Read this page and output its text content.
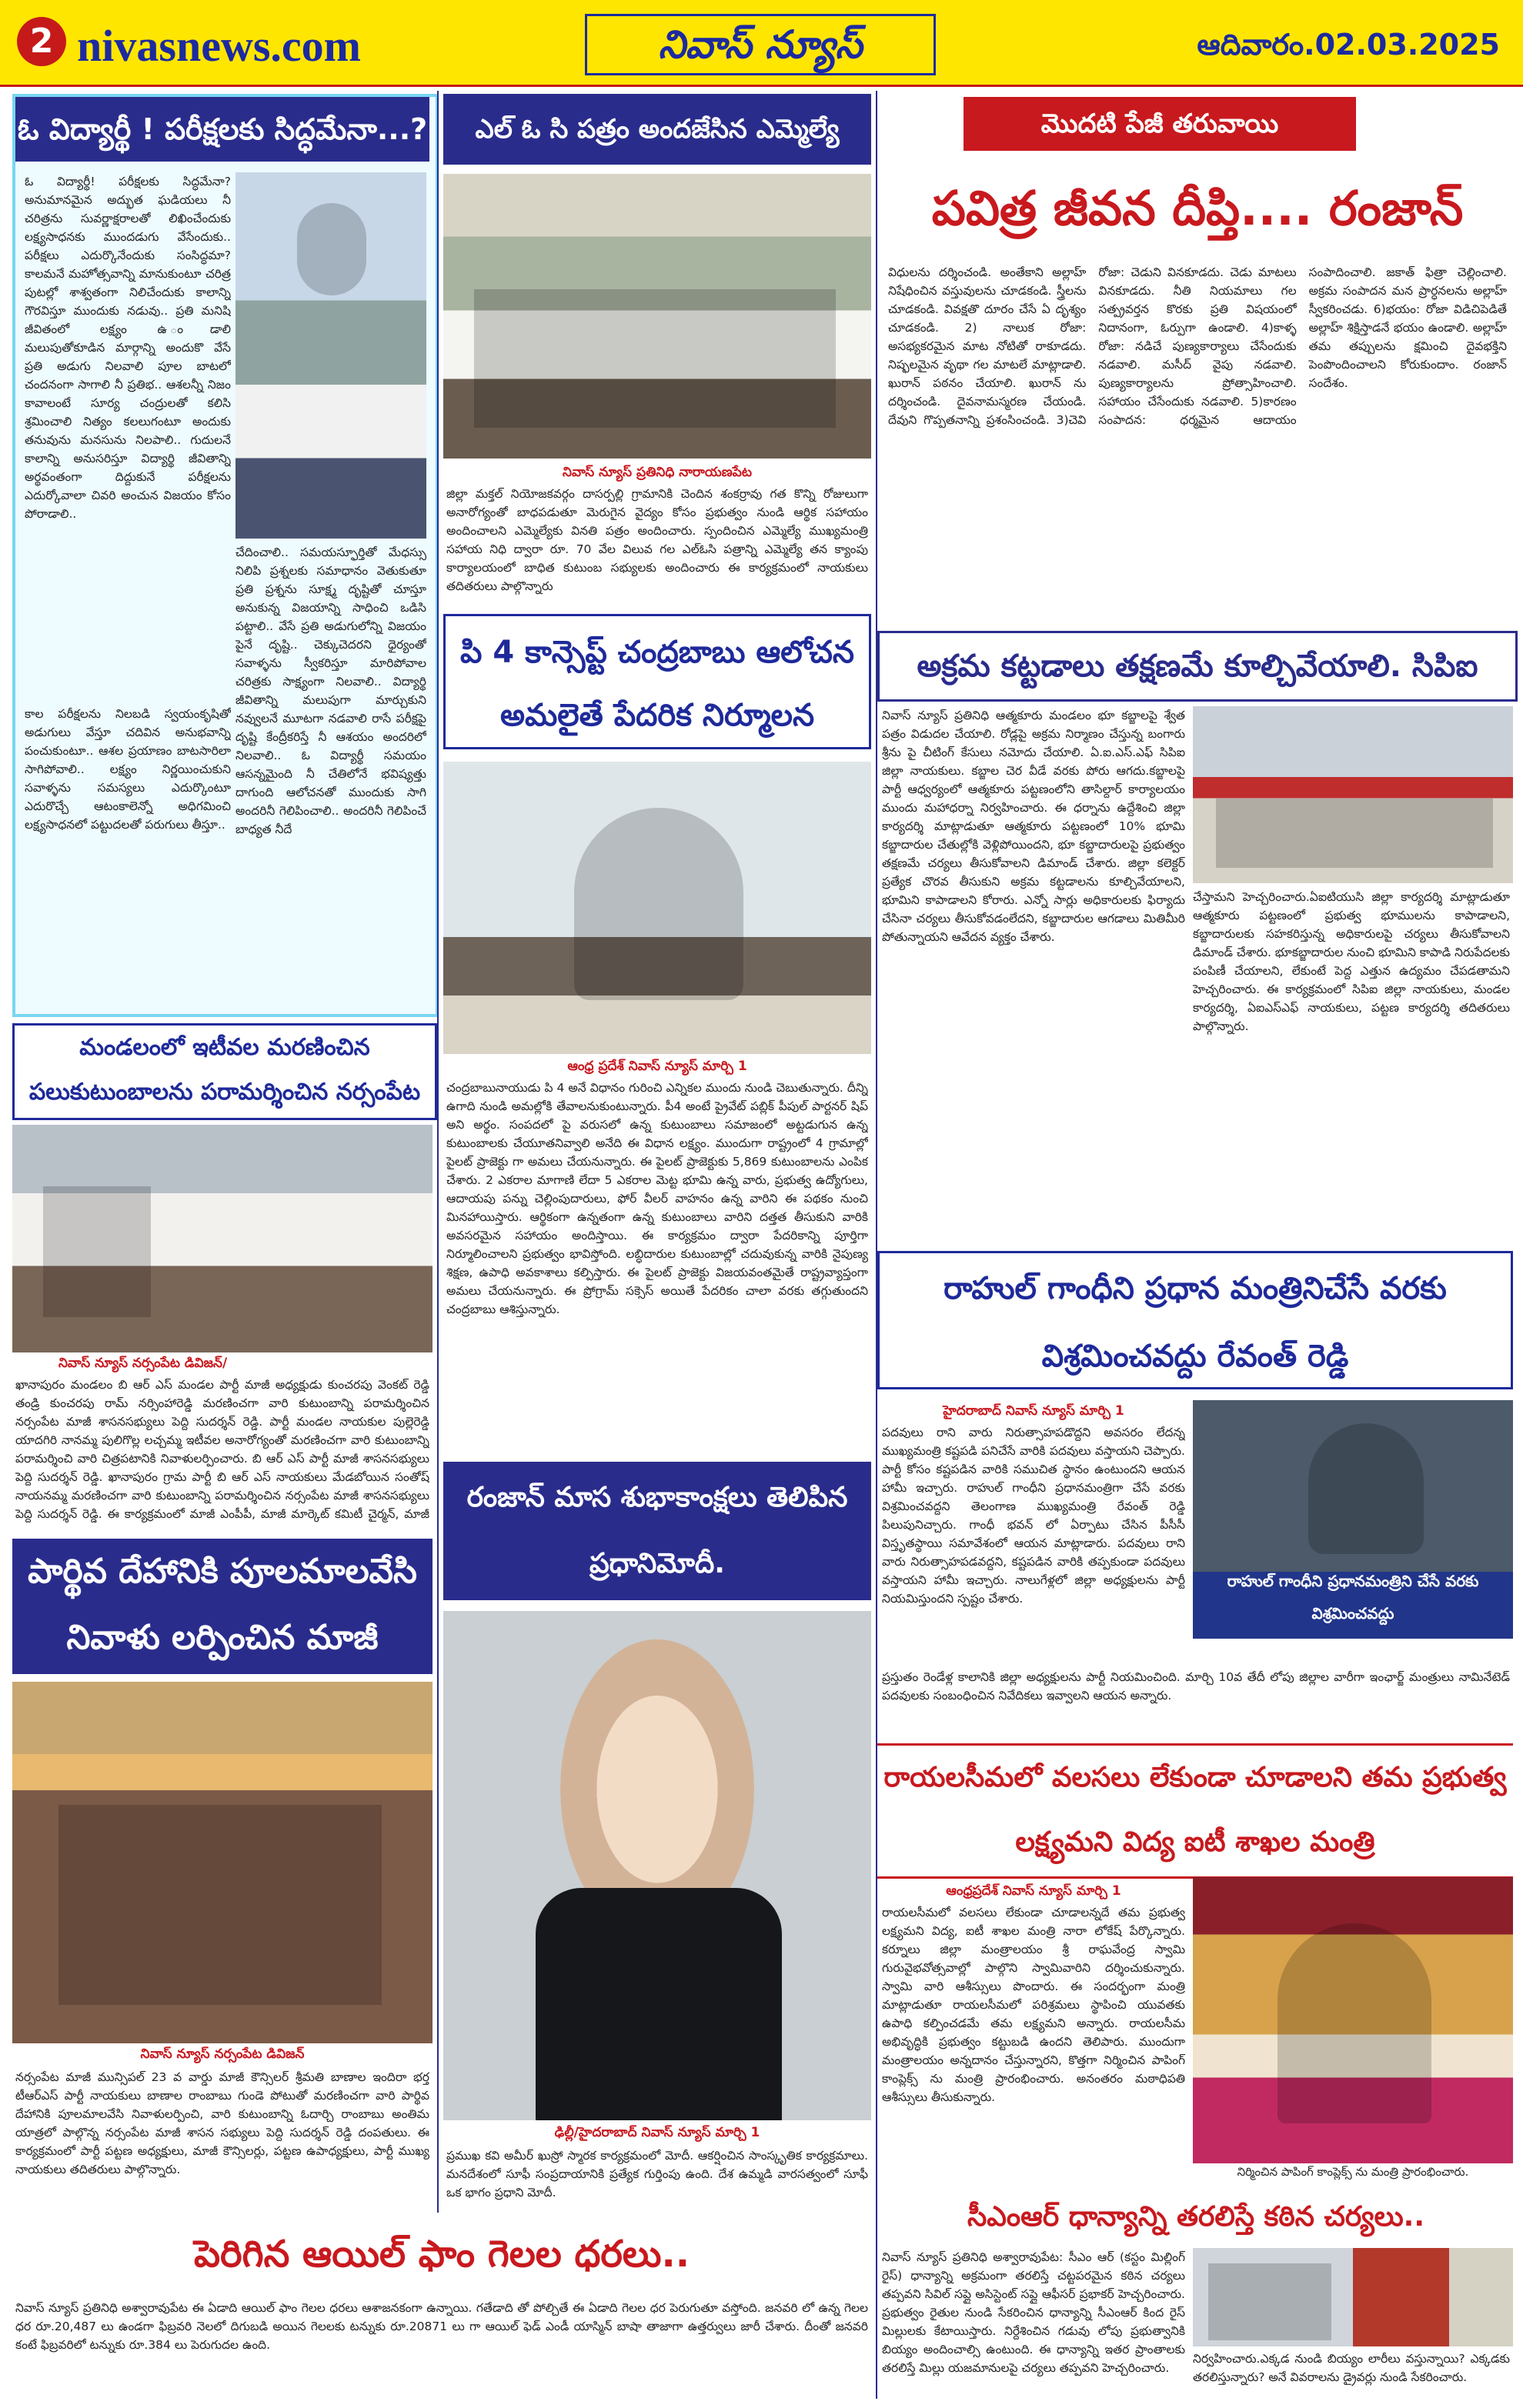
2 nivasnews.com	నివాస్ న్యూస్	ఆదివారం.02.03.2025
ఓ విద్యార్థీ ! పరీక్షలకు సిద్ధమేనా...?
ఓ విద్యార్థీ! పరీక్షలకు సిద్ధమేనా? అనుమానమైన అద్భుత ఘడియలు నీ చరిత్రను సువర్ణాక్షరాలతో లిఖించేందుకు లక్ష్యసాధనకు ముందడుగు వేసేందుకు.. పరీక్షలు ఎదుర్కొనేందుకు సంసిద్ధమా? కాలమనే మహోత్సవాన్ని మానుకుంటూ చరిత్ర పుటల్లో శాశ్వతంగా నిలిచేందుకు కాలాన్ని గౌరవిస్తూ ముందుకు నడువు.. ప్రతి మనిషి జీవితంలో లక్ష్యం ఉ ండాలి మలుపుతోకూడిన మార్గాన్ని అందుకొ వేసే ప్రతి అడుగు నిలవాలి పూల బాటలో చందనంగా సాగాలి నీ ప్రతిభ.. ఆశలన్నీ నిజం కావాలంటే సూర్య చంద్రులతో కలిసి శ్రమించాలి నిత్యం కలలుగంటూ అందుకు తనువును మనసును నిలపాలి.. గుదులనే కాలాన్ని అనుసరిస్తూ విద్యార్థి జీవితాన్ని అర్థవంతంగా దిద్దుకునే పరీక్షలను ఎదుర్కోవాలా చివరి అంచున విజయం కోసం పోరాడాలి..
కాల పరీక్షలను నిలబడి స్వయంకృషితో అడుగులు వేస్తూ చదివిన అనుభవాన్ని పంచుకుంటూ.. ఆశల ప్రయాణం బాటసారిలా సాగిపోవాలి.. లక్ష్యం నిర్ణయించుకుని సవాళ్ళను సమస్యలు ఎదుర్కొంటూ ఎదురొచ్చే ఆటంకాలెన్నో అధిగమించి లక్ష్యసాధనలో పట్టుదలతో పరుగులు తీస్తూ..
చేదించాలి.. సమయస్ఫూర్తితో మేధస్సు నిలిపి ప్రశ్నలకు సమాధానం వెతుకుతూ ప్రతి ప్రశ్నను సూక్ష్మ దృష్టితో చూస్తూ అనుకున్న విజయాన్ని సాధించి ఒడిసి పట్టాలి.. వేసే ప్రతి అడుగులోన్ని విజయం పైనే దృష్టి.. చెక్కుచెదరని ధైర్యంతో సవాళ్ళను స్వీకరిస్తూ మారిపోవాల చరిత్రకు సాక్ష్యంగా నిలవాలి.. విద్యార్థి జీవితాన్ని మలుపుగా మార్చుకుని నవ్వులనే మూటగా నడవాలి రాసే పరీక్షపై దృష్టి కేంద్రీకరిస్తే నీ ఆశయం అందరిలో నిలవాలి.. ఓ విద్యార్థీ సమయం ఆసన్నమైంది నీ చేతిలోనే భవిష్యత్తు దాగుంది ఆలోచనతో ముందుకు సాగి అందరినీ గెలిపించాలి.. అందరినీ గెలిపించే బాధ్యత నీదే
ఎల్ ఓ సి పత్రం అందజేసిన ఎమ్మెల్యే
నివాస్ న్యూస్ ప్రతినిధి నారాయణపేట
జిల్లా మక్తల్ నియోజకవర్గం దాసర్పల్లి గ్రామానికి చెందిన శంకర్రావు గత కొన్ని రోజులుగా అనారోగ్యంతో బాధపడుతూ మెరుగైన వైద్యం కోసం ప్రభుత్వం నుండి ఆర్థిక సహాయం అందించాలని ఎమ్మెల్యేకు వినతి పత్రం అందించారు. స్పందించిన ఎమ్మెల్యే ముఖ్యమంత్రి సహాయ నిధి ద్వారా రూ. 70 వేల విలువ గల ఎల్ఓసి పత్రాన్ని ఎమ్మెల్యే తన క్యాంపు కార్యాలయంలో బాధిత కుటుంబ సభ్యులకు అందించారు ఈ కార్యక్రమంలో నాయకులు తదితరులు పాల్గొన్నారు
పి 4 కాన్సెప్ట్ చంద్రబాబు ఆలోచన అమలైతే పేదరిక నిర్మూలన
ఆంధ్ర ప్రదేశ్ నివాస్ న్యూస్ మార్చి 1
చంద్రబాబునాయుడు పి 4 అనే విధానం గురించి ఎన్నికల ముందు నుండి చెబుతున్నారు. దీన్ని ఉగాది నుండి అమల్లోకి తేవాలనుకుంటున్నారు. పీ4 అంటే ప్రైవేట్ పబ్లిక్ పీపుల్ పార్టనర్ షిప్ అని అర్థం. సంపదలో పై వరుసలో ఉన్న కుటుంబాలు సమాజంలో అట్టడుగున ఉన్న కుటుంబాలకు చేయూతనివ్వాలి అనేది ఈ విధాన లక్ష్యం. ముందుగా రాష్ట్రంలో 4 గ్రామాల్లో పైలట్ ప్రాజెక్టు గా అమలు చేయనున్నారు. ఈ పైలట్ ప్రాజెక్టుకు 5,869 కుటుంబాలను ఎంపిక చేశారు. 2 ఎకరాల మాగాణి లేదా 5 ఎకరాల మెట్ట భూమి ఉన్న వారు, ప్రభుత్వ ఉద్యోగులు, ఆదాయపు పన్ను చెల్లింపుదారులు, ఫోర్ వీలర్ వాహనం ఉన్న వారిని ఈ పథకం నుంచి మినహాయిస్తారు. ఆర్థికంగా ఉన్నతంగా ఉన్న కుటుంబాలు వారిని దత్తత తీసుకుని వారికి అవసరమైన సహాయం అందిస్తాయి. ఈ కార్యక్రమం ద్వారా పేదరికాన్ని పూర్తిగా నిర్మూలించాలని ప్రభుత్వం భావిస్తోంది. లబ్ధిదారుల కుటుంబాల్లో చదువుకున్న వారికి నైపుణ్య శిక్షణ, ఉపాధి అవకాశాలు కల్పిస్తారు. ఈ పైలట్ ప్రాజెక్టు విజయవంతమైతే రాష్ట్రవ్యాప్తంగా అమలు చేయనున్నారు. ఈ ప్రోగ్రామ్ సక్సెస్ అయితే పేదరికం చాలా వరకు తగ్గుతుందని చంద్రబాబు ఆశిస్తున్నారు.
రంజాన్ మాస శుభాకాంక్షలు తెలిపిన ప్రధానిమోదీ.
ఢిల్లీ/హైదరాబాద్ నివాస్ న్యూస్ మార్చి 1
ప్రముఖ కవి అమీర్ ఖుస్రో స్మారక కార్యక్రమంలో మోదీ. ఆకర్షించిన సాంస్కృతిక కార్యక్రమాలు. మనదేశంలో సూఫీ సంప్రదాయానికి ప్రత్యేక గుర్తింపు ఉంది. దేశ ఉమ్మడి వారసత్వంలో సూఫీ ఒక భాగం ప్రధాని మోదీ.
మండలంలో ఇటీవల మరణించిన పలుకుటుంబాలను పరామర్శించిన నర్సంపేట
నివాస్ న్యూస్ నర్సంపేట డివిజన్/
ఖానాపురం మండలం బి ఆర్ ఎస్ మండల పార్టీ మాజీ అధ్యక్షుడు కుంచరపు వెంకట్ రెడ్డి తండ్రి కుంచరపు రామ్ నర్సింహారెడ్డి మరణించగా వారి కుటుంబాన్ని పరామర్శించిన నర్సంపేట మాజీ శాసనసభ్యులు పెద్ది సుదర్శన్ రెడ్డి. పార్టీ మండల నాయకుల పుల్లెరెడ్డి యాదగిరి నానమ్మ పులిగొల్ల లచ్చమ్మ ఇటీవల అనారోగ్యంతో మరణించగా వారి కుటుంబాన్ని పరామర్శించి వారి చిత్రపటానికి నివాళులర్పించారు. బి ఆర్ ఎస్ పార్టీ మాజీ శాసనసభ్యులు పెద్ది సుదర్శన్ రెడ్డి. ఖానాపురం గ్రామ పార్టీ బి ఆర్ ఎస్ నాయకులు మేడబోయిన సంతోష్ నాయనమ్మ మరణించగా వారి కుటుంబాన్ని పరామర్శించిన నర్సంపేట మాజీ శాసనసభ్యులు పెద్ది సుదర్శన్ రెడ్డి. ఈ కార్యక్రమంలో మాజీ ఎంపీపీ, మాజీ మార్కెట్ కమిటీ చైర్మన్, మాజీ
పార్థివ దేహానికి పూలమాలవేసి నివాళు లర్పించిన మాజీ
నివాస్ న్యూస్ నర్సంపేట డివిజన్
నర్సంపేట మాజీ మున్సిపల్ 23 వ వార్డు మాజీ కౌన్సిలర్ శ్రీమతి బాణాల ఇందిరా భర్త టీఆర్ఎస్ పార్టీ నాయకులు బాణాల రాంబాబు గుండె పోటుతో మరణించగా వారి పార్థివ దేహానికి పూలమాలవేసి నివాళులర్పించి, వారి కుటుంబాన్ని ఓదార్చి రాంబాబు అంతిమ యాత్రలో పాల్గొన్న నర్సంపేట మాజీ శాసన సభ్యులు పెద్ది సుదర్శన్ రెడ్డి దంపతులు. ఈ కార్యక్రమంలో పార్టీ పట్టణ అధ్యక్షులు, మాజీ కౌన్సిలర్లు, పట్టణ ఉపాధ్యక్షులు, పార్టీ ముఖ్య నాయకులు తదితరులు పాల్గొన్నారు.
పెరిగిన ఆయిల్ ఫాం గెలల ధరలు..
నివాస్ న్యూస్ ప్రతినిధి అశ్వారావుపేట ఈ ఏడాది ఆయిల్ ఫాం గెలల ధరలు ఆశాజనకంగా ఉన్నాయి. గతేడాది తో పోల్చితే ఈ ఏడాది గెలల ధర పెరుగుతూ వస్తోంది. జనవరి లో ఉన్న గెలల ధర రూ.20,487 లు ఉండగా ఫిబ్రవరి నెలలో దిగుబడి అయిన గెలలకు టన్నుకు రూ.20871 లు గా ఆయిల్ ఫెడ్ ఎండీ యాస్మిన్ బాషా తాజాగా ఉత్తర్వులు జారీ చేశారు. దీంతో జనవరి కంటే ఫిబ్రవరిలో టన్నుకు రూ.384 లు పెరుగుదల ఉంది.
మొదటి పేజీ తరువాయి
పవిత్ర జీవన దీప్తి.... రంజాన్
విధులను దర్శించండి. అంతేకాని అల్లాహ్ నిషేధించిన వస్తువులను చూడకండి. స్త్రీలను చూడకండి. వివక్షతొ దూరం చేసే ఏ దృశ్యం చూడకండి. 2) నాలుక రోజా: అసభ్యకరమైన మాట నోటితో రాకూడదు. నిష్ఫలమైన వృథా గల మాటలే మాట్లాడాలి. ఖురాన్ పఠనం చేయాలి. ఖురాన్ ను దర్శించండి. దైవనామస్మరణ చేయండి. దేవుని గొప్పతనాన్ని ప్రశంసించండి. 3)చెవి రోజా: చెడుని వినకూడదు. చెడు మాటలు వినకూడదు. నీతి నియమాలు గల సత్ప్రవర్తన కొరకు ప్రతి విషయంలో నిదానంగా, ఓర్పుగా ఉండాలి. 4)కాళ్ళ రోజా: నడిచే పుణ్యకార్యాలు చేసేందుకు నడవాలి. మసీద్ వైపు నడవాలి. పుణ్యకార్యాలను ప్రోత్సాహించాలి. సహాయం చేసేందుకు నడవాలి. 5)కారణం సంపాదన: ధర్మమైన ఆదాయం సంపాదించాలి. జకాత్ ఫిత్రా చెల్లించాలి. అక్రమ సంపాదన మన ప్రార్ధనలను అల్లాహ్ స్వీకరించడు. 6)భయం: రోజా విడిచిపెడితే అల్లాహ్ శిక్షిస్తాడనే భయం ఉండాలి. అల్లాహ్ తమ తప్పులను క్షమించి దైవభక్తిని పెంపొందించాలని కోరుకుందాం. రంజాన్ సందేశం.
అక్రమ కట్టడాలు తక్షణమే కూల్చివేయాలి. సిపిఐ
నివాస్ న్యూస్ ప్రతినిధి ఆత్మకూరు మండలం భూ కబ్జాలపై శ్వేత పత్రం విడుదల చేయాలి. రోడ్లపై అక్రమ నిర్మాణం చేస్తున్న బంగారు శ్రీను పై చీటింగ్ కేసులు నమోదు చేయాలి. ఏ.ఐ.ఎస్.ఎఫ్ సిపిఐ జిల్లా నాయకులు. కబ్జాల చెర వీడే వరకు పోరు ఆగదు.కబ్జాలపై పార్టీ ఆధ్వర్యంలో ఆత్మకూరు పట్టణంలోని తాసిల్దార్ కార్యాలయం ముందు మహాధర్నా నిర్వహించారు. ఈ ధర్నాను ఉద్దేశించి జిల్లా కార్యదర్శి మాట్లాడుతూ ఆత్మకూరు పట్టణంలో 10% భూమి కబ్జాదారుల చేతుల్లోకి వెళ్లిపోయిందని, భూ కబ్జాదారులపై ప్రభుత్వం తక్షణమే చర్యలు తీసుకోవాలని డిమాండ్ చేశారు. జిల్లా కలెక్టర్ ప్రత్యేక చొరవ తీసుకుని అక్రమ కట్టడాలను కూల్చివేయాలని, భూమిని కాపాడాలని కోరారు. ఎన్నో సార్లు అధికారులకు ఫిర్యాదు చేసినా చర్యలు తీసుకోవడంలేదని, కబ్జాదారుల ఆగడాలు మితిమీరి పోతున్నాయని ఆవేదన వ్యక్తం చేశారు.
చేస్తామని హెచ్చరించారు.ఏఐటియుసి జిల్లా కార్యదర్శి మాట్లాడుతూ ఆత్మకూరు పట్టణంలో ప్రభుత్వ భూములను కాపాడాలని, కబ్జాదారులకు సహకరిస్తున్న అధికారులపై చర్యలు తీసుకోవాలని డిమాండ్ చేశారు. భూకబ్జాదారుల నుంచి భూమిని కాపాడి నిరుపేదలకు పంపిణీ చేయాలని, లేకుంటే పెద్ద ఎత్తున ఉద్యమం చేపడతామని హెచ్చరించారు. ఈ కార్యక్రమంలో సిపిఐ జిల్లా నాయకులు, మండల కార్యదర్శి, ఏఐఎస్ఎఫ్ నాయకులు, పట్టణ కార్యదర్శి తదితరులు పాల్గొన్నారు.
రాహుల్ గాంధీని ప్రధాన మంత్రినిచేసే వరకు విశ్రమించవద్దు రేవంత్ రెడ్డి
హైదరాబాద్ నివాస్ న్యూస్ మార్చి 1
పదవులు రాని వారు నిరుత్సాహపడొద్దని అవసరం లేదన్న ముఖ్యమంత్రి కష్టపడి పనిచేసే వారికి పదవులు వస్తాయని చెప్పారు. పార్టీ కోసం కష్టపడిన వారికి సముచిత స్థానం ఉంటుందని ఆయన హామీ ఇచ్చారు. రాహుల్ గాంధీని ప్రధానమంత్రిగా చేసే వరకు విశ్రమించవద్దని తెలంగాణ ముఖ్యమంత్రి రేవంత్ రెడ్డి పిలుపునిచ్చారు. గాంధీ భవన్ లో ఏర్పాటు చేసిన పీసీసీ విస్తృతస్థాయి సమావేశంలో ఆయన మాట్లాడారు. పదవులు రాని వారు నిరుత్సాహపడవద్దని, కష్టపడిన వారికి తప్పకుండా పదవులు వస్తాయని హామీ ఇచ్చారు. నాలుగేళ్లలో జిల్లా అధ్యక్షులను పార్టీ నియమిస్తుందని స్పష్టం చేశారు.
రాహుల్ గాంధీని ప్రధానమంత్రిని చేసే వరకు విశ్రమించవద్దు
ప్రస్తుతం రెండేళ్ల కాలానికి జిల్లా అధ్యక్షులను పార్టీ నియమించింది. మార్చి 10వ తేదీ లోపు జిల్లాల వారీగా ఇంఛార్జ్ మంత్రులు నామినేటెడ్ పదవులకు సంబంధించిన నివేదికలు ఇవ్వాలని ఆయన అన్నారు.
రాయలసీమలో వలసలు లేకుండా చూడాలని తమ ప్రభుత్వ లక్ష్యమని విద్య ఐటీ శాఖల మంత్రి
ఆంధ్రప్రదేశ్ నివాస్ న్యూస్ మార్చి 1
రాయలసీమలో వలసలు లేకుండా చూడాలన్నదే తమ ప్రభుత్వ లక్ష్యమని విద్య, ఐటీ శాఖల మంత్రి నారా లోకేష్ పేర్కొన్నారు. కర్నూలు జిల్లా మంత్రాలయం శ్రీ రాఘవేంద్ర స్వామి గురువైభవోత్సవాల్లో పాల్గొని స్వామివారిని దర్శించుకున్నారు. స్వామి వారి ఆశీస్సులు పొందారు. ఈ సందర్భంగా మంత్రి మాట్లాడుతూ రాయలసీమలో పరిశ్రమలు స్థాపించి యువతకు ఉపాధి కల్పించడమే తమ లక్ష్యమని అన్నారు. రాయలసీమ అభివృద్ధికి ప్రభుత్వం కట్టుబడి ఉందని తెలిపారు. ముందుగా మంత్రాలయం అన్నదానం చేస్తున్నారని, కొత్తగా నిర్మించిన పాపింగ్ కాంప్లెక్స్ ను మంత్రి ప్రారంభించారు. అనంతరం మఠాధిపతి ఆశీస్సులు తీసుకున్నారు.
నిర్మించిన పాపింగ్ కాంప్లెక్స్ ను మంత్రి ప్రారంభించారు.
సీఎంఆర్ ధాన్యాన్ని తరలిస్తే కఠిన చర్యలు..
నివాస్ న్యూస్ ప్రతినిధి అశ్వారావుపేట: సీఎం ఆర్ (కస్టం మిల్లింగ్ రైస్) ధాన్యాన్ని అక్రమంగా తరలిస్తే చట్టపరమైన కఠిన చర్యలు తప్పవని సివిల్ సప్లై అసిస్టెంట్ సప్లై ఆఫీసర్ ప్రభాకర్ హెచ్చరించారు. ప్రభుత్వం రైతుల నుండి సేకరించిన ధాన్యాన్ని సీఎంఆర్ కింద రైస్ మిల్లులకు కేటాయిస్తారు. నిర్దేశించిన గడువు లోపు ప్రభుత్వానికి బియ్యం అందించాల్సి ఉంటుంది. ఈ ధాన్యాన్ని ఇతర ప్రాంతాలకు తరలిస్తే మిల్లు యజమానులపై చర్యలు తప్పవని హెచ్చరించారు.
నిర్వహించారు.ఎక్కడ నుండి బియ్యం లారీలు వస్తున్నాయి? ఎక్కడకు తరలిస్తున్నారు? అనే వివరాలను డ్రైవర్లు నుండి సేకరించారు.
